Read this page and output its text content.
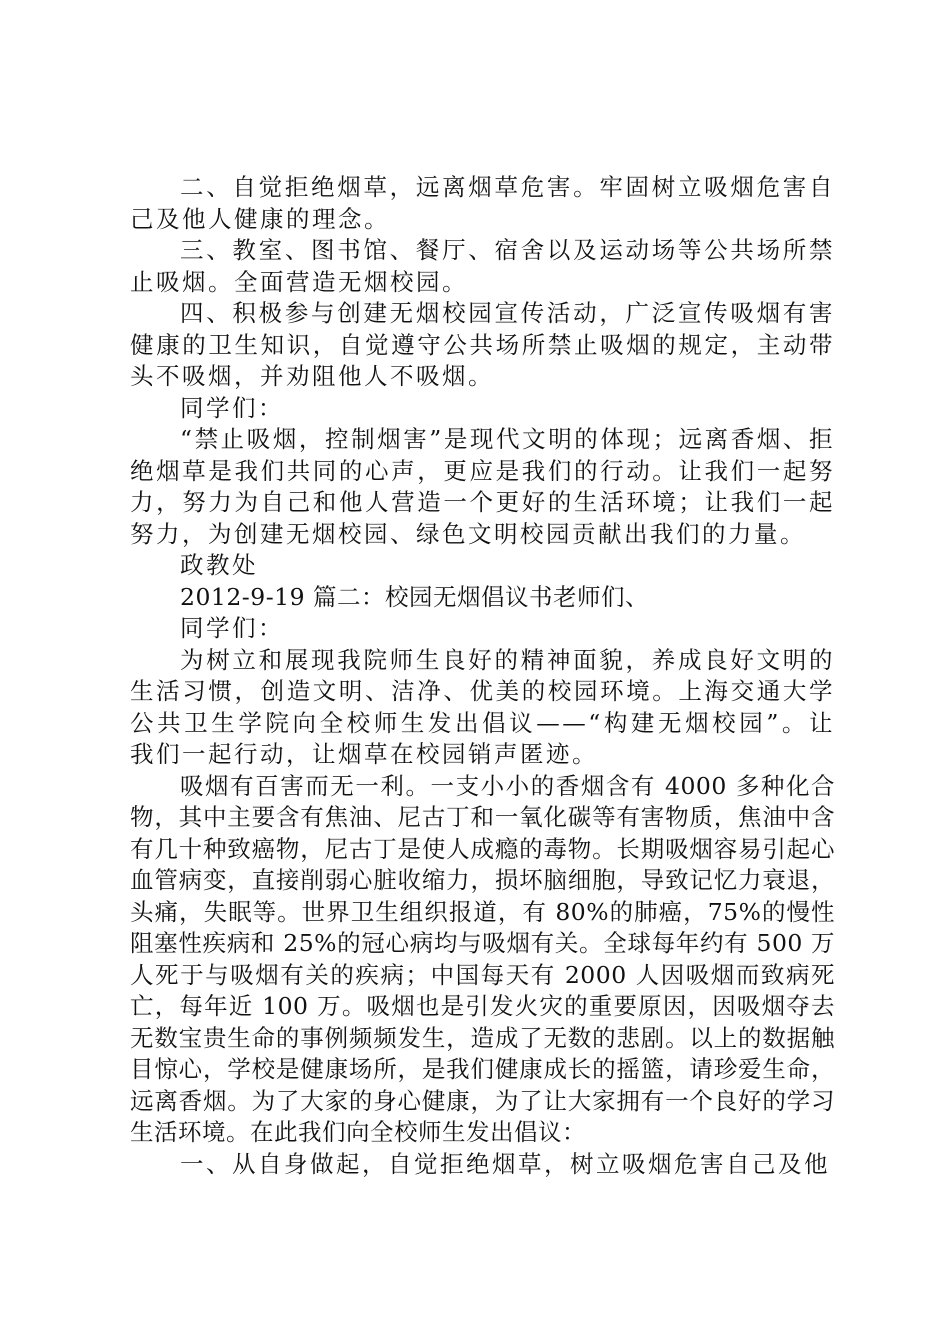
二、自觉拒绝烟草，远离烟草危害。牢固树立吸烟危害自己及他人健康的理念。

三、教室、图书馆、餐厅、宿舍以及运动场等公共场所禁止吸烟。全面营造无烟校园。

四、积极参与创建无烟校园宣传活动，广泛宣传吸烟有害健康的卫生知识，自觉遵守公共场所禁止吸烟的规定，主动带头不吸烟，并劝阻他人不吸烟。

同学们：

“禁止吸烟，控制烟害”是现代文明的体现；远离香烟、拒绝烟草是我们共同的心声，更应是我们的行动。让我们一起努力，努力为自己和他人营造一个更好的生活环境；让我们一起努力，为创建无烟校园、绿色文明校园贡献出我们的力量。

政教处

2012-9-19 篇二：校园无烟倡议书老师们、

同学们：

为树立和展现我院师生良好的精神面貌，养成良好文明的生活习惯，创造文明、洁净、优美的校园环境。上海交通大学公共卫生学院向全校师生发出倡议——“构建无烟校园”。让我们一起行动，让烟草在校园销声匿迹。

吸烟有百害而无一利。一支小小的香烟含有 4000 多种化合物，其中主要含有焦油、尼古丁和一氧化碳等有害物质，焦油中含有几十种致癌物，尼古丁是使人成瘾的毒物。长期吸烟容易引起心血管病变，直接削弱心脏收缩力，损坏脑细胞，导致记忆力衰退，头痛，失眠等。世界卫生组织报道，有 80%的肺癌，75%的慢性阻塞性疾病和 25%的冠心病均与吸烟有关。全球每年约有 500 万人死于与吸烟有关的疾病；中国每天有 2000 人因吸烟而致病死亡，每年近 100 万。吸烟也是引发火灾的重要原因，因吸烟夺去无数宝贵生命的事例频频发生，造成了无数的悲剧。以上的数据触目惊心，学校是健康场所，是我们健康成长的摇篮，请珍爱生命，远离香烟。为了大家的身心健康，为了让大家拥有一个良好的学习生活环境。在此我们向全校师生发出倡议：

一、从自身做起，自觉拒绝烟草，树立吸烟危害自己及他
